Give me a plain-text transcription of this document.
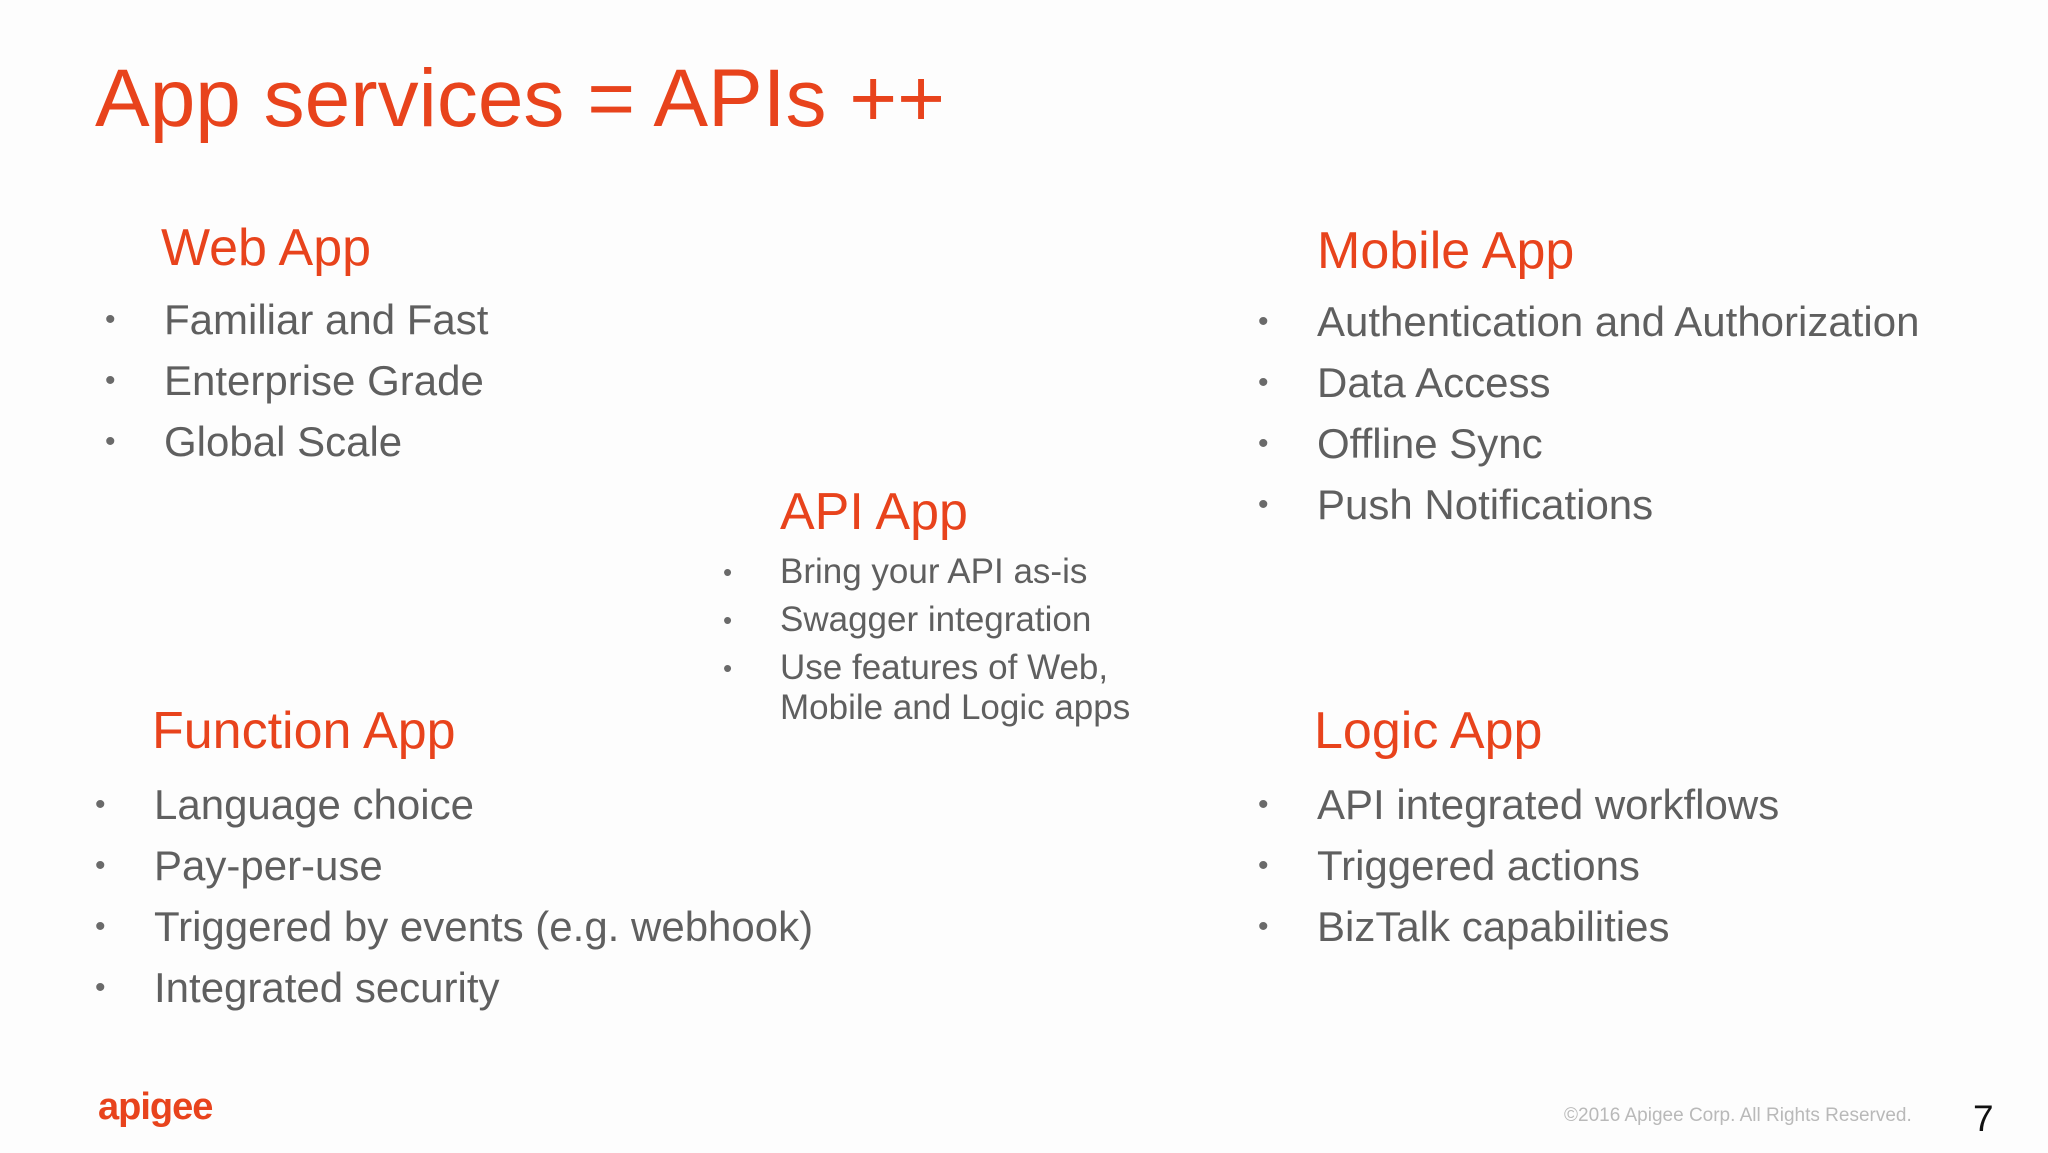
App services = APIs ++
Web App
• Familiar and Fast
• Enterprise Grade
• Global Scale
Mobile App
• Authentication and Authorization
• Data Access
• Offline Sync
• Push Notifications
API App
• Bring your API as-is
• Swagger integration
• Use features of Web, Mobile and Logic apps
Function App
• Language choice
• Pay-per-use
• Triggered by events (e.g. webhook)
• Integrated security
Logic App
• API integrated workflows
• Triggered actions
• BizTalk capabilities
apigee	©2016 Apigee Corp. All Rights Reserved. 7
